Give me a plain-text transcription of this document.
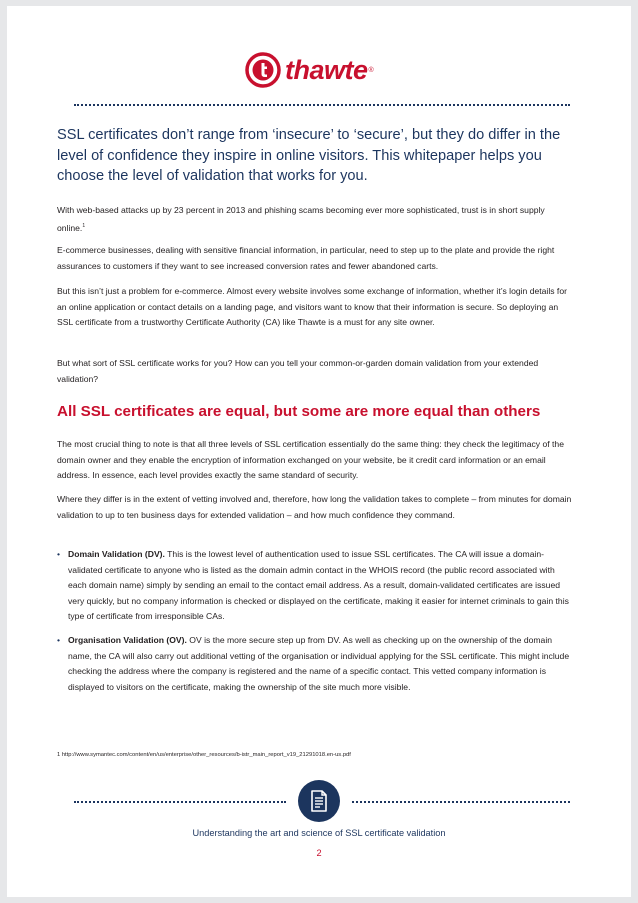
thawte ®

SSL certificates don’t range from ‘insecure’ to ‘secure’, but they do differ in the level of confidence they inspire in online visitors. This whitepaper helps you choose the level of validation that works for you.

With web-based attacks up by 23 percent in 2013 and phishing scams becoming ever more sophisticated, trust is in short supply online.$^1$

E-commerce businesses, dealing with sensitive financial information, in particular, need to step up to the plate and provide the right assurances to customers if they want to see increased conversion rates and fewer abandoned carts.

But this isn’t just a problem for e-commerce. Almost every website involves some exchange of information, whether it’s login details for an online application or contact details on a landing page, and visitors want to know that their information is secure. So deploying an SSL certificate from a trustworthy Certificate Authority (CA) like Thawte is a must for any site owner.

But what sort of SSL certificate works for you? How can you tell your common-or-garden domain validation from your extended validation?

All SSL certificates are equal, but some are more equal than others

The most crucial thing to note is that all three levels of SSL certification essentially do the same thing: they check the legitimacy of the domain owner and they enable the encryption of information exchanged on your website, be it credit card information or an email address. In essence, each level provides exactly the same standard of security.

Where they differ is in the extent of vetting involved and, therefore, how long the validation takes to complete – from minutes for domain validation to up to ten business days for extended validation – and how much confidence they command.

• Domain Validation (DV). This is the lowest level of authentication used to issue SSL certificates. The CA will issue a domain-validated certificate to anyone who is listed as the domain admin contact in the WHOIS record (the public record associated with each domain name) simply by sending an email to the contact email address. As a result, domain-validated certificates are issued very quickly, but no company information is checked or displayed on the certificate, making it easier for internet criminals to gain this type of certificate from irresponsible CAs.
• Organisation Validation (OV). OV is the more secure step up from DV. As well as checking up on the ownership of the domain name, the CA will also carry out additional vetting of the organisation or individual applying for the SSL certificate. This might include checking the address where the company is registered and the name of a specific contact. This vetted company information is displayed to visitors on the certificate, making the ownership of the site much more visible.

1 http://www.symantec.com/content/en/us/enterprise/other_resources/b-istr_main_report_v19_21291018.en-us.pdf

Understanding the art and science of SSL certificate validation
2
